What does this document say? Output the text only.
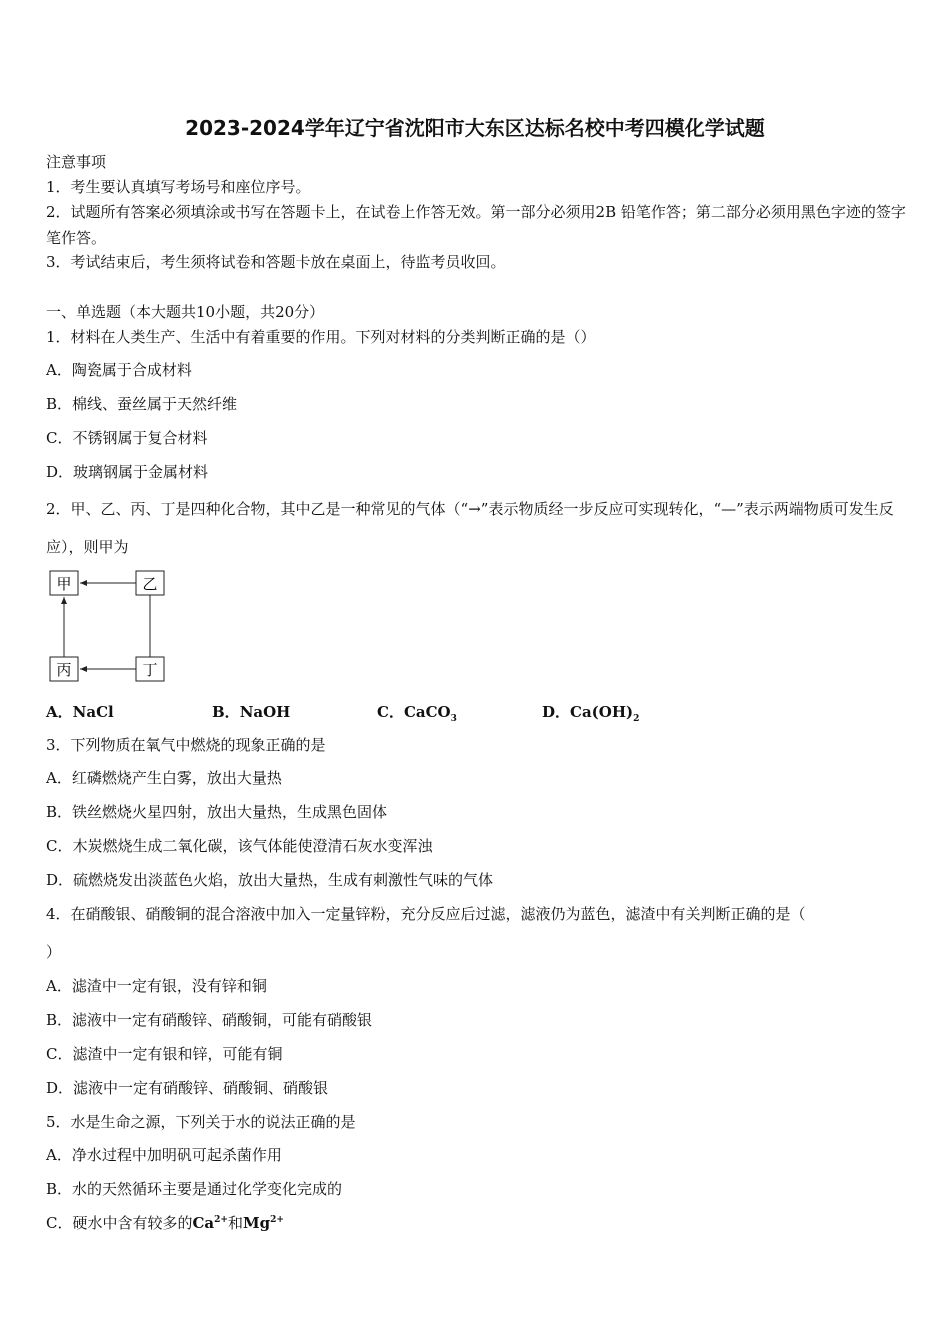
2023-2024学年辽宁省沈阳市大东区达标名校中考四模化学试题
注意事项
1．考生要认真填写考场号和座位序号。
2．试题所有答案必须填涂或书写在答题卡上，在试卷上作答无效。第一部分必须用2B 铅笔作答；第二部分必须用黑色字迹的签字笔作答。
3．考试结束后，考生须将试卷和答题卡放在桌面上，待监考员收回。
一、单选题（本大题共10小题，共20分）
1．材料在人类生产、生活中有着重要的作用。下列对材料的分类判断正确的是（）
A．陶瓷属于合成材料
B．棉线、蚕丝属于天然纤维
C．不锈钢属于复合材料
D．玻璃钢属于金属材料
2．甲、乙、丙、丁是四种化合物，其中乙是一种常见的气体（“→”表示物质经一步反应可实现转化，“—”表示两端物质可发生反应），则甲为
甲	乙
丙	丁
A．NaCl	B．NaOH	C．CaCO$_3$	D．$Ca(OH)_2$
3．下列物质在氧气中燃烧的现象正确的是
A．红磷燃烧产生白雾，放出大量热
B．铁丝燃烧火星四射，放出大量热，生成黑色固体
C．木炭燃烧生成二氧化碳，该气体能使澄清石灰水变浑浊
D．硫燃烧发出淡蓝色火焰，放出大量热，生成有刺激性气味的气体
4．在硝酸银、硝酸铜的混合溶液中加入一定量锌粉，充分反应后过滤，滤液仍为蓝色，滤渣中有关判断正确的是（
）
A．滤渣中一定有银，没有锌和铜
B．滤液中一定有硝酸锌、硝酸铜，可能有硝酸银
C．滤渣中一定有银和锌，可能有铜
D．滤液中一定有硝酸锌、硝酸铜、硝酸银
5．水是生命之源，下列关于水的说法正确的是
A．净水过程中加明矾可起杀菌作用
B．水的天然循环主要是通过化学变化完成的
C．硬水中含有较多的$Ca^{2+}$和$Mg^{2+}$
